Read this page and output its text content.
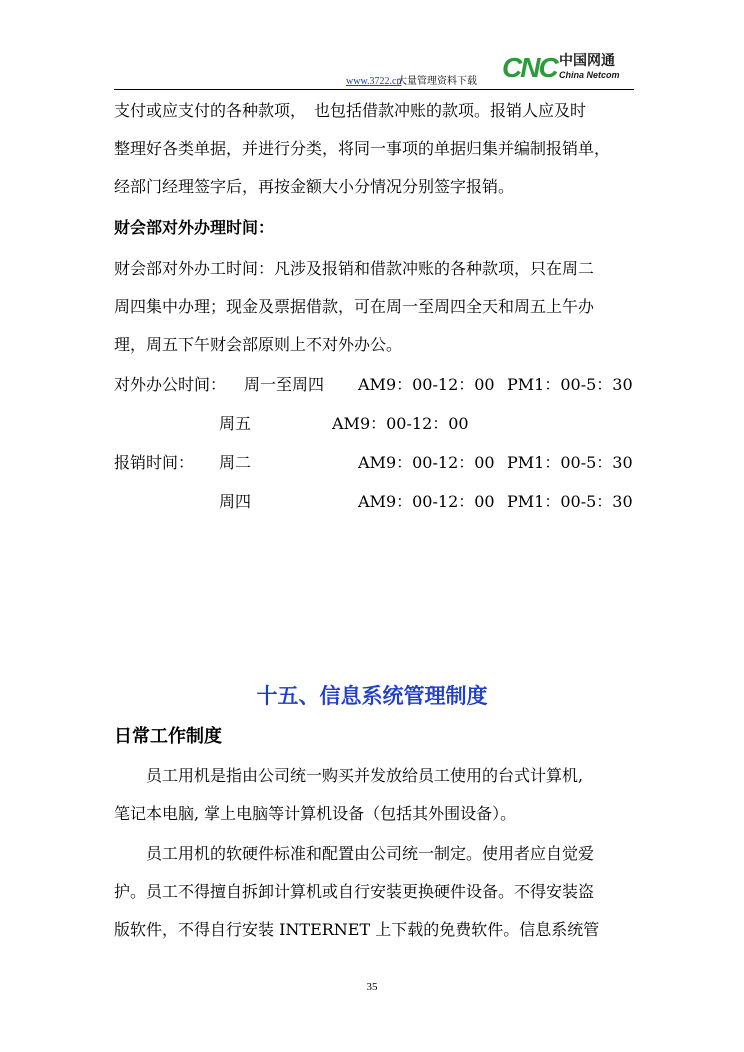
www.3722.cn
大量管理资料下载 CNC 中国网通
China Netcom
支付或应支付的各种款项，　也包括借款冲账的款项。报销人应及时
整理好各类单据，并进行分类，将同一事项的单据归集并编制报销单，
经部门经理签字后，再按金额大小分情况分别签字报销。
财会部对外办理时间：
财会部对外办工时间：凡涉及报销和借款冲账的各种款项，只在周二
周四集中办理；现金及票据借款，可在周一至周四全天和周五上午办
理，周五下午财会部原则上不对外办公。
对外办公时间： 周一至周四 AM9：00-12：00 PM1：00-5：30
周五	AM9：00-12：00
报销时间： 周二	AM9：00-12：00 PM1：00-5：30
周四	AM9：00-12：00 PM1：00-5：30
十五、信息系统管理制度
日常工作制度
员工用机是指由公司统一购买并发放给员工使用的台式计算机,
笔记本电脑, 掌上电脑等计算机设备（包括其外围设备）。
员工用机的软硬件标准和配置由公司统一制定。使用者应自觉爱
护。员工不得擅自拆卸计算机或自行安装更换硬件设备。不得安装盗
版软件，不得自行安装 INTERNET 上下载的免费软件。信息系统管
35
